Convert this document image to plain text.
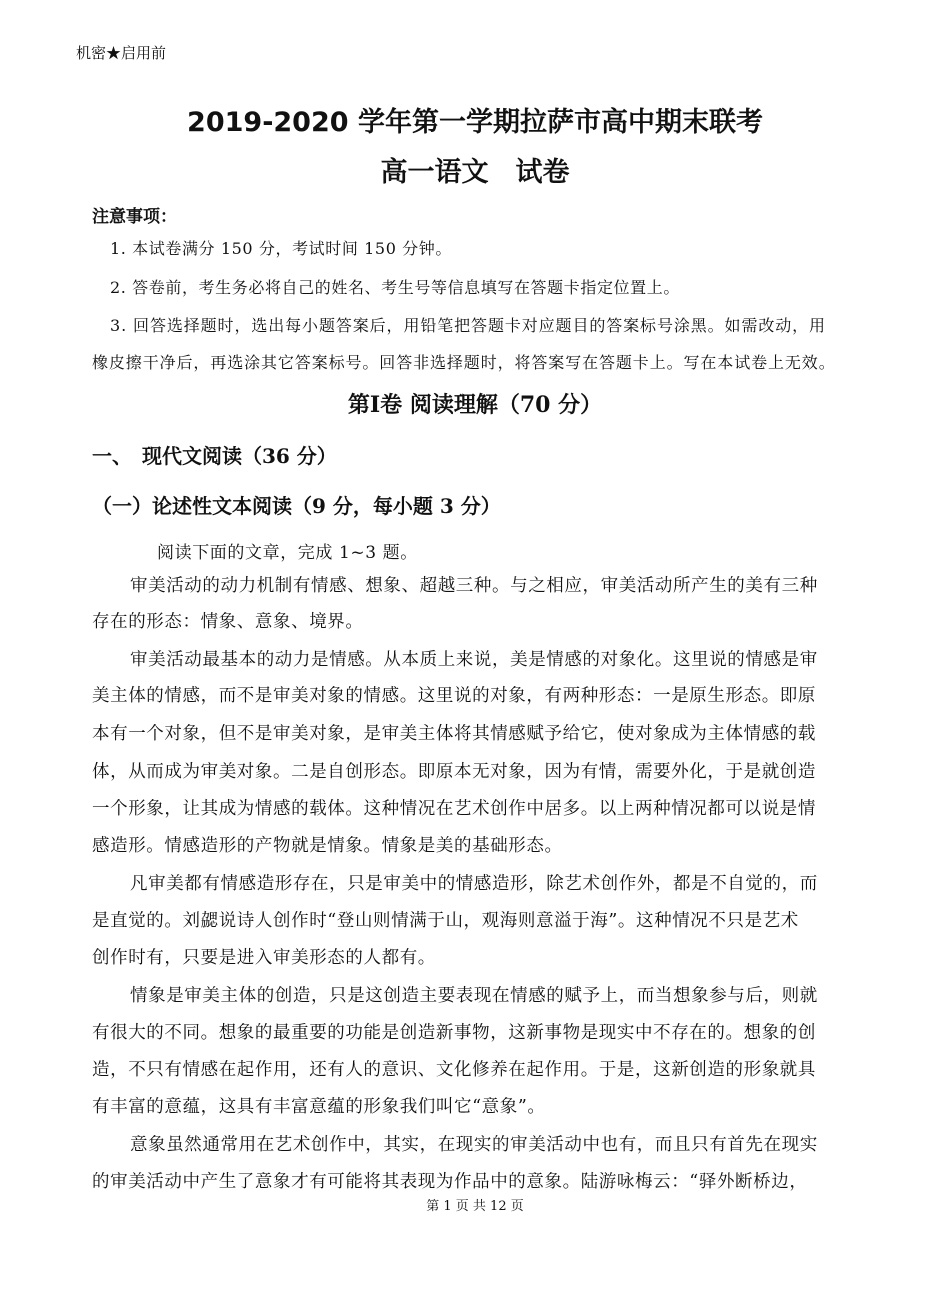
机密★启用前
2019-2020 学年第一学期拉萨市高中期末联考
高一语文　试卷
注意事项：
1. 本试卷满分 150 分，考试时间 150 分钟。
2. 答卷前，考生务必将自己的姓名、考生号等信息填写在答题卡指定位置上。
3. 回答选择题时，选出每小题答案后，用铅笔把答题卡对应题目的答案标号涂黑。如需改动，用
橡皮擦干净后，再选涂其它答案标号。回答非选择题时，将答案写在答题卡上。写在本试卷上无效。
第Ⅰ卷 阅读理解（70 分）
一、　现代文阅读（36 分）
（一）论述性文本阅读（9 分，每小题 3 分）
阅读下面的文章，完成 1~3 题。
审美活动的动力机制有情感、想象、超越三种。与之相应，审美活动所产生的美有三种
存在的形态：情象、意象、境界。
审美活动最基本的动力是情感。从本质上来说，美是情感的对象化。这里说的情感是审
美主体的情感，而不是审美对象的情感。这里说的对象，有两种形态：一是原生形态。即原
本有一个对象，但不是审美对象，是审美主体将其情感赋予给它，使对象成为主体情感的载
体，从而成为审美对象。二是自创形态。即原本无对象，因为有情，需要外化，于是就创造
一个形象，让其成为情感的载体。这种情况在艺术创作中居多。以上两种情况都可以说是情
感造形。情感造形的产物就是情象。情象是美的基础形态。
凡审美都有情感造形存在，只是审美中的情感造形，除艺术创作外，都是不自觉的，而
是直觉的。刘勰说诗人创作时“登山则情满于山，观海则意溢于海”。这种情况不只是艺术
创作时有，只要是进入审美形态的人都有。
情象是审美主体的创造，只是这创造主要表现在情感的赋予上，而当想象参与后，则就
有很大的不同。想象的最重要的功能是创造新事物，这新事物是现实中不存在的。想象的创
造，不只有情感在起作用，还有人的意识、文化修养在起作用。于是，这新创造的形象就具
有丰富的意蕴，这具有丰富意蕴的形象我们叫它“意象”。
意象虽然通常用在艺术创作中，其实，在现实的审美活动中也有，而且只有首先在现实
的审美活动中产生了意象才有可能将其表现为作品中的意象。陆游咏梅云：“驿外断桥边，
第 1 页 共 12 页
